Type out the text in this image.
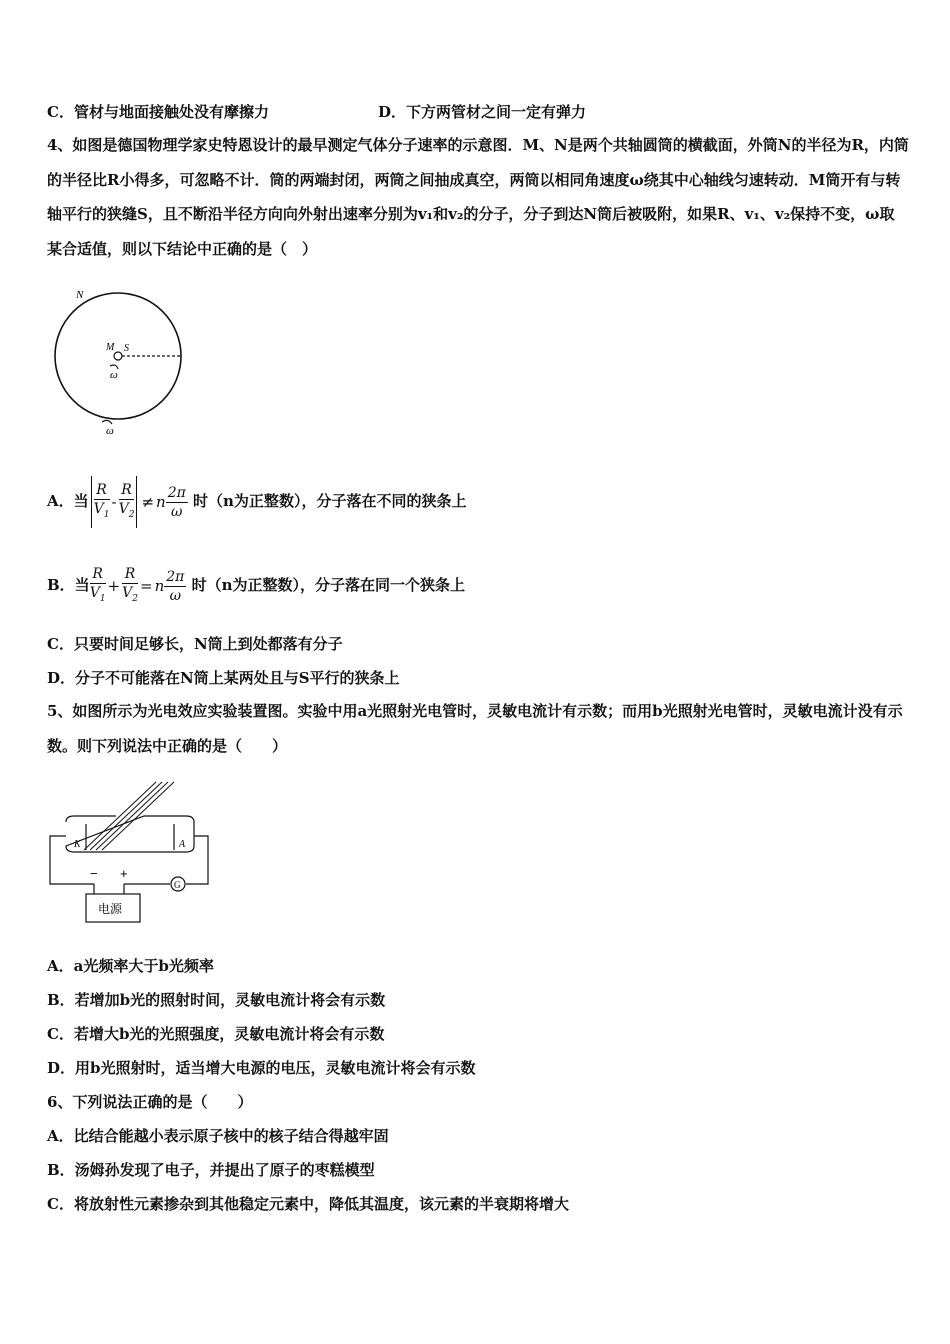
C．管材与地面接触处没有摩擦力	D．下方两管材之间一定有弹力
4、如图是德国物理学家史特恩设计的最早测定气体分子速率的示意图．M、N是两个共轴圆筒的横截面，外筒N的半径为R，内筒的半径比R小得多，可忽略不计．筒的两端封闭，两筒之间抽成真空，两筒以相同角速度ω绕其中心轴线匀速转动．M筒开有与转轴平行的狭缝S，且不断沿半径方向向外射出速率分别为v₁和v₂的分子，分子到达N筒后被吸附，如果R、v₁、v₂保持不变，ω取某合适值，则以下结论中正确的是（　）
N
M S
ω
ω
A．当 $\frac{R}{V_1} - \frac{R}{V_2} \ne n \frac{2\pi}{\omega}$ 时（n为正整数），分子落在不同的狭条上
B．当 $\frac{R}{V_1} + \frac{R}{V_2} = n \frac{2\pi}{\omega}$ 时（n为正整数），分子落在同一个狭条上
C．只要时间足够长，N筒上到处都落有分子
D．分子不可能落在N筒上某两处且与S平行的狭条上
5、如图所示为光电效应实验装置图。实验中用a光照射光电管时，灵敏电流计有示数；而用b光照射光电管时，灵敏电流计没有示数。则下列说法中正确的是（　　）
K	A
− +
G
电源
A．a光频率大于b光频率
B．若增加b光的照射时间，灵敏电流计将会有示数
C．若增大b光的光照强度，灵敏电流计将会有示数
D．用b光照射时，适当增大电源的电压，灵敏电流计将会有示数
6、下列说法正确的是（　　）
A．比结合能越小表示原子核中的核子结合得越牢固
B．汤姆孙发现了电子，并提出了原子的枣糕模型
C．将放射性元素掺杂到其他稳定元素中，降低其温度，该元素的半衰期将增大
